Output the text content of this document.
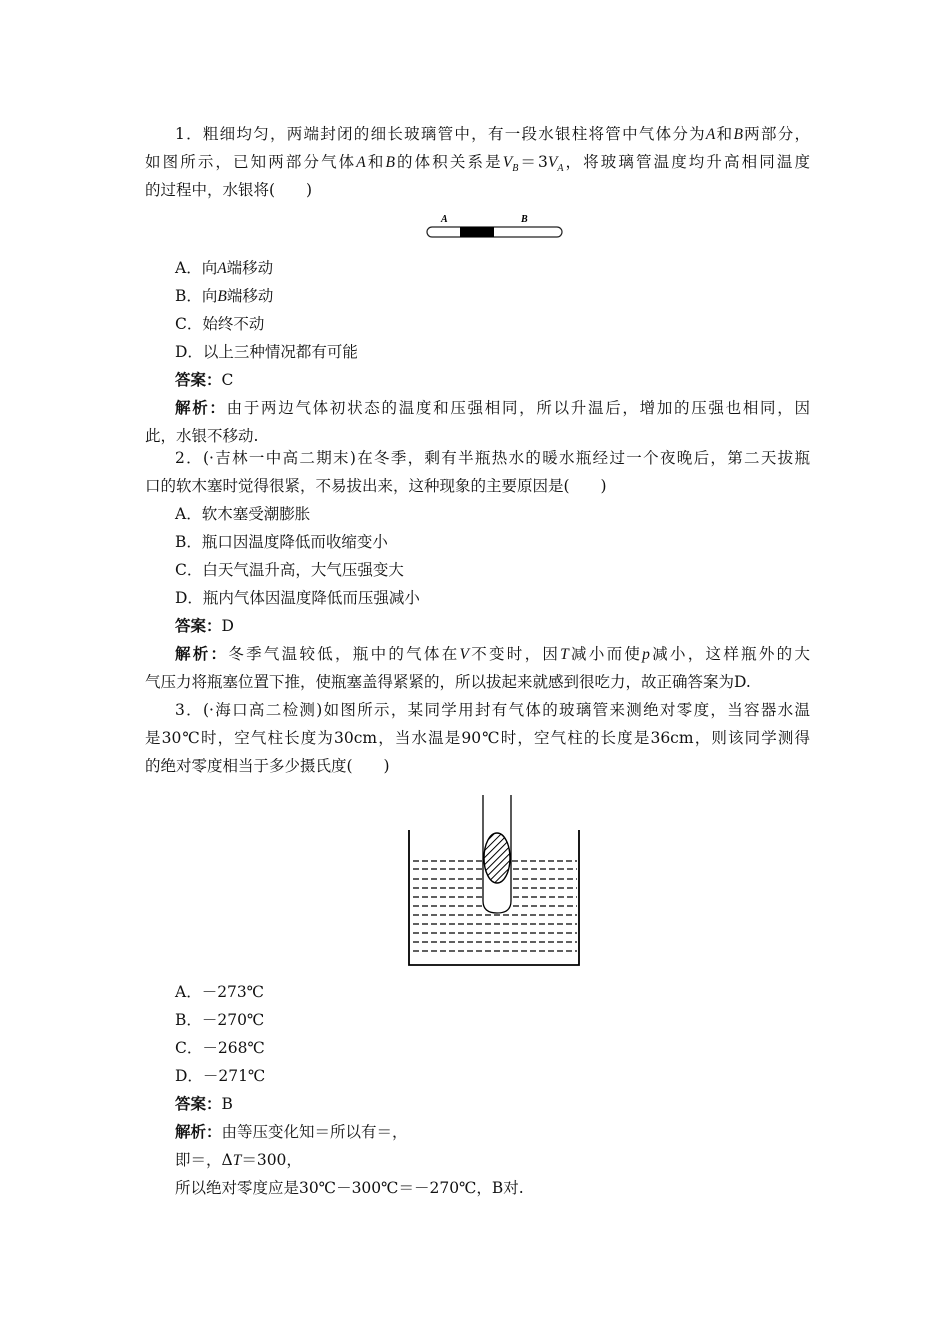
1．粗细均匀，两端封闭的细长玻璃管中，有一段水银柱将管中气体分为A和B两部分，
如图所示，已知两部分气体A和B的体积关系是$V_B=3V_A$，将玻璃管温度均升高相同温度
的过程中，水银将(　　)
A	B
A．向A端移动
B．向B端移动
C．始终不动
D．以上三种情况都有可能
答案：C
解析：由于两边气体初状态的温度和压强相同，所以升温后，增加的压强也相同，因
此，水银不移动.
2．(·吉林一中高二期末)在冬季，剩有半瓶热水的暖水瓶经过一个夜晚后，第二天拔瓶
口的软木塞时觉得很紧，不易拔出来，这种现象的主要原因是(　　)
A．软木塞受潮膨胀
B．瓶口因温度降低而收缩变小
C．白天气温升高，大气压强变大
D．瓶内气体因温度降低而压强减小
答案：D
解析：冬季气温较低，瓶中的气体在V不变时，因T减小而使p减小，这样瓶外的大
气压力将瓶塞位置下推，使瓶塞盖得紧紧的，所以拔起来就感到很吃力，故正确答案为D.
3．(·海口高二检测)如图所示，某同学用封有气体的玻璃管来测绝对零度，当容器水温
是30℃时，空气柱长度为30cm，当水温是90℃时，空气柱的长度是36cm，则该同学测得
的绝对零度相当于多少摄氏度(　　)
A．－273℃
B．－270℃
C．－268℃
D．－271℃
答案：B
解析：由等压变化知＝所以有＝，
即＝，ΔT＝300，
所以绝对零度应是30℃－300℃＝－270℃，B对.
